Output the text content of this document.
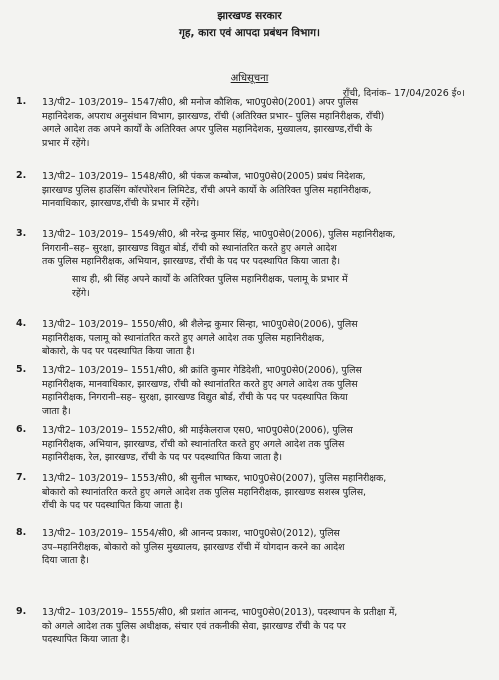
झारखण्ड सरकार
गृह, कारा एवं आपदा प्रबंधन विभाग।
अधिसूचना
राँची, दिनांक– 17/04/2026 ई०।
1. 13/पी2– 103/2019– 1547/सी0, श्री मनोज कौशिक, भा0पु0से0(2001) अपर पुलिस
महानिदेशक, अपराध अनुसंधान विभाग, झारखण्ड, राँची (अतिरिक्त प्रभार– पुलिस महानिरीक्षक, राँची)
अगले आदेश तक अपने कार्यों के अतिरिक्त अपर पुलिस महानिदेशक, मुख्यालय, झारखण्ड,राँची के
प्रभार में रहेंगे।
2. 13/पी2– 103/2019– 1548/सी0, श्री पंकज कम्बोज, भा0पु0से0(2005) प्रबंध निदेशक,
झारखण्ड पुलिस हाउसिंग कॉरपोरेशन लिमिटेड, राँची अपने कार्यो के अतिरिक्त पुलिस महानिरीक्षक,
मानवाधिकार, झारखण्ड,राँची के प्रभार में रहेंगे।
3. 13/पी2– 103/2019– 1549/सी0, श्री नरेन्द्र कुमार सिंह, भा0पु0से0(2006), पुलिस महानिरीक्षक,
निगरानी–सह– सुरक्षा, झारखण्ड विद्युत बोर्ड, राँची को स्थानांतरित करते हुए अगले आदेश
तक पुलिस महानिरीक्षक, अभियान, झारखण्ड, राँची के पद पर पदस्थापित किया जाता है।
साथ ही, श्री सिंह अपने कार्यों के अतिरिक्त पुलिस महानिरीक्षक, पलामू के प्रभार में
रहेंगे।
4. 13/पी2– 103/2019– 1550/सी0, श्री शैलेन्द्र कुमार सिन्हा, भा0पु0से0(2006), पुलिस
महानिरीक्षक, पलामू को स्थानांतरित करते हुए अगले आदेश तक पुलिस महानिरीक्षक,
बोकारो, के पद पर पदस्थापित किया जाता है।
5. 13/पी2– 103/2019– 1551/सी0, श्री क्रांति कुमार गेडिदेशी, भा0पु0से0(2006), पुलिस
महानिरीक्षक, मानवाधिकार, झारखण्ड, राँची को स्थानांतरित करते हुए अगले आदेश तक पुलिस
महानिरीक्षक, निगरानी–सह– सुरक्षा, झारखण्ड विद्युत बोर्ड, राँची के पद पर पदस्थापित किया
जाता है।
6. 13/पी2– 103/2019– 1552/सी0, श्री माईकेलराज एस0, भा0पु0से0(2006), पुलिस
महानिरीक्षक, अभियान, झारखण्ड, राँची को स्थानांतरित करते हुए अगले आदेश तक पुलिस
महानिरीक्षक, रेल, झारखण्ड, राँची के पद पर पदस्थापित किया जाता है।
7. 13/पी2– 103/2019– 1553/सी0, श्री सुनील भाष्कर, भा0पु0से0(2007), पुलिस महानिरीक्षक,
बोकारो को स्थानांतरित करते हुए अगले आदेश तक पुलिस महानिरीक्षक, झारखण्ड सशस्त्र पुलिस,
राँची के पद पर पदस्थापित किया जाता है।
8. 13/पी2– 103/2019– 1554/सी0, श्री आनन्द प्रकाश, भा0पु0से0(2012), पुलिस
उप–महानिरीक्षक, बोकारो को पुलिस मुख्यालय, झारखण्ड राँची में योगदान करने का आदेश
दिया जाता है।
9. 13/पी2– 103/2019– 1555/सी0, श्री प्रशांत आनन्द, भा0पु0से0(2013), पदस्थापन के प्रतीक्षा में,
को अगले आदेश तक पुलिस अधीक्षक, संचार एवं तकनीकी सेवा, झारखण्ड राँची के पद पर
पदस्थापित किया जाता है।
